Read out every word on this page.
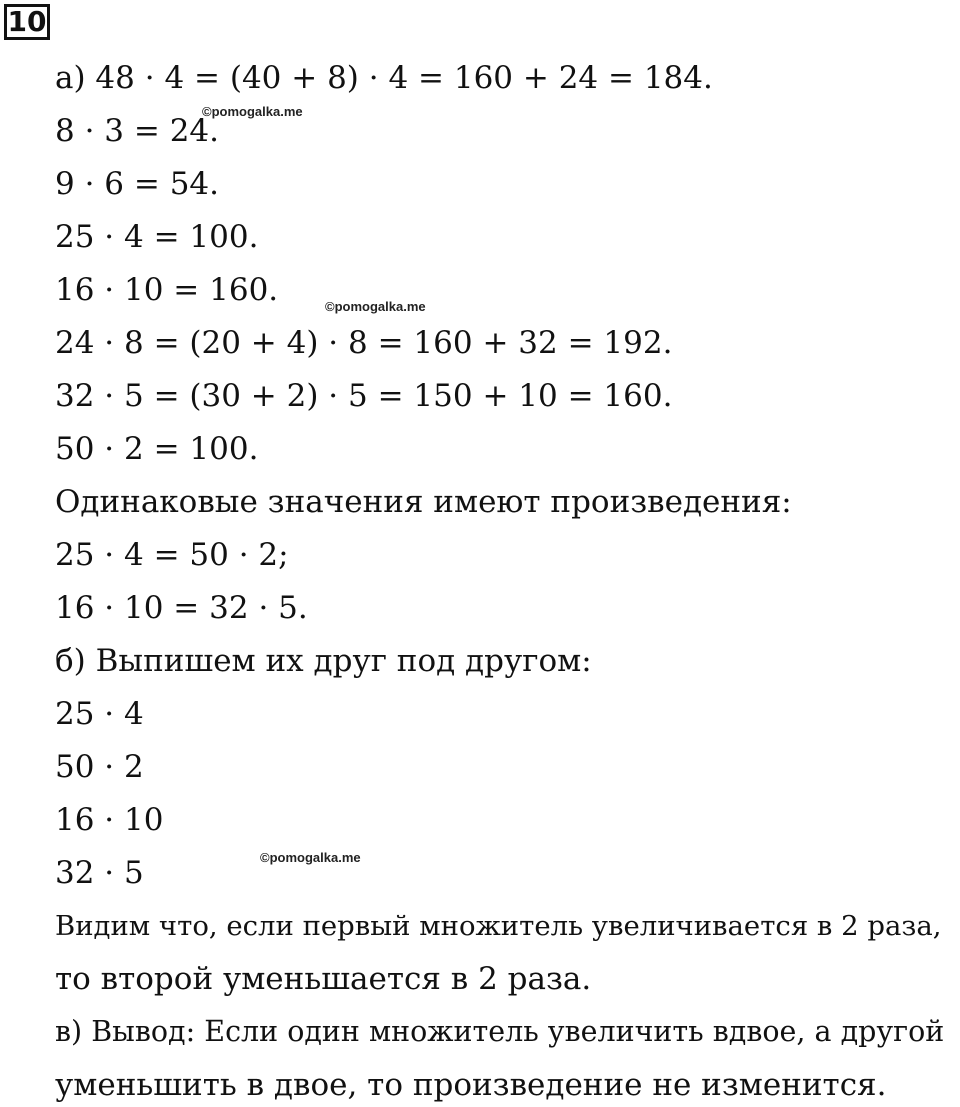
10
а) 48 · 4 = (40 + 8) · 4 = 160 + 24 = 184.
8 · 3 = 24.
9 · 6 = 54.
25 · 4 = 100.
16 · 10 = 160.
24 · 8 = (20 + 4) · 8 = 160 + 32 = 192.
32 · 5 = (30 + 2) · 5 = 150 + 10 = 160.
50 · 2 = 100.
Одинаковые значения имеют произведения:
25 · 4 = 50 · 2;
16 · 10 = 32 · 5.
б) Выпишем их друг под другом:
25 · 4
50 · 2
16 · 10
32 · 5
Видим что, если первый множитель увеличивается в 2 раза,
то второй уменьшается в 2 раза.
в) Вывод: Если один множитель увеличить вдвое, а другой
уменьшить в двое, то произведение не изменится.
©pomogalka.me
©pomogalka.me
©pomogalka.me
